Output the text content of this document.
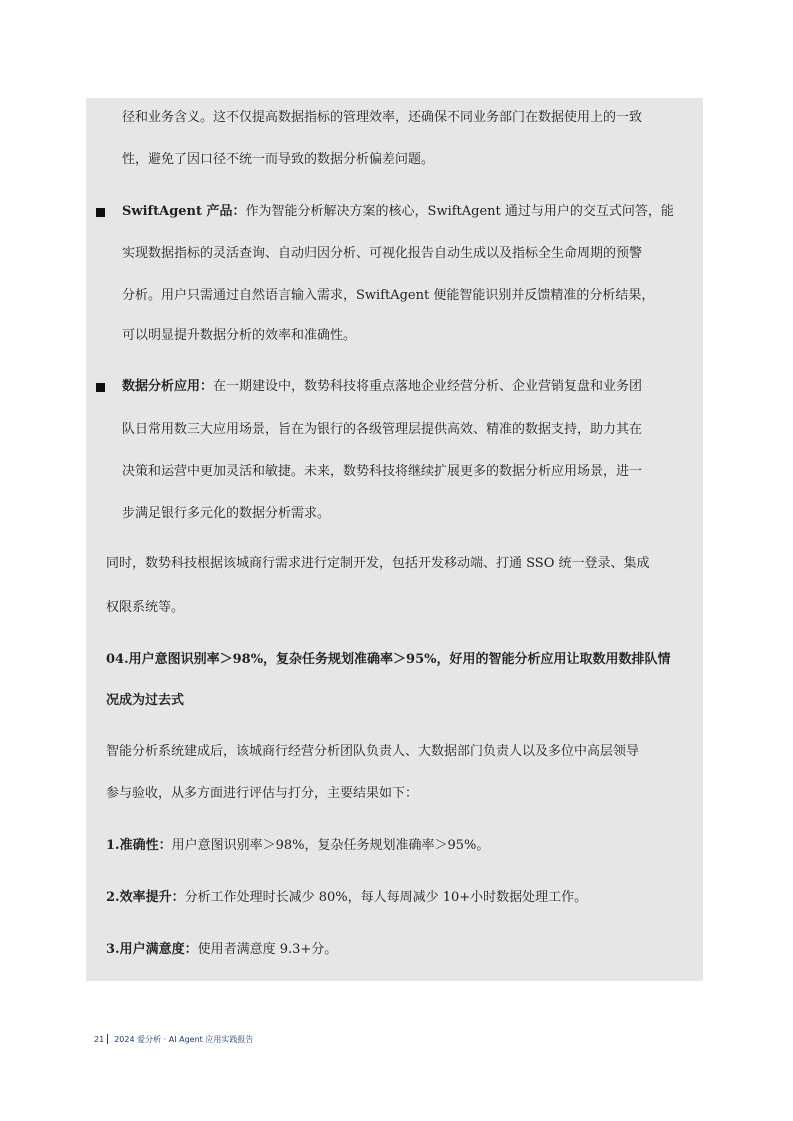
径和业务含义。这不仅提高数据指标的管理效率，还确保不同业务部门在数据使用上的一致
性，避免了因口径不统一而导致的数据分析偏差问题。
SwiftAgent 产品：作为智能分析解决方案的核心，SwiftAgent 通过与用户的交互式问答，能
实现数据指标的灵活查询、自动归因分析、可视化报告自动生成以及指标全生命周期的预警
分析。用户只需通过自然语言输入需求，SwiftAgent 便能智能识别并反馈精准的分析结果，
可以明显提升数据分析的效率和准确性。
数据分析应用：在一期建设中，数势科技将重点落地企业经营分析、企业营销复盘和业务团
队日常用数三大应用场景，旨在为银行的各级管理层提供高效、精准的数据支持，助力其在
决策和运营中更加灵活和敏捷。未来，数势科技将继续扩展更多的数据分析应用场景，进一
步满足银行多元化的数据分析需求。
同时，数势科技根据该城商行需求进行定制开发，包括开发移动端、打通 SSO 统一登录、集成
权限系统等。
04.用户意图识别率＞98%，复杂任务规划准确率＞95%，好用的智能分析应用让取数用数排队情
况成为过去式
智能分析系统建成后，该城商行经营分析团队负责人、大数据部门负责人以及多位中高层领导
参与验收，从多方面进行评估与打分，主要结果如下：
1.准确性：用户意图识别率＞98%，复杂任务规划准确率＞95%。
2.效率提升：分析工作处理时长减少 80%，每人每周减少 10+小时数据处理工作。
3.用户满意度：使用者满意度 9.3+分。
21 2024 爱分析 · AI Agent 应用实践报告
